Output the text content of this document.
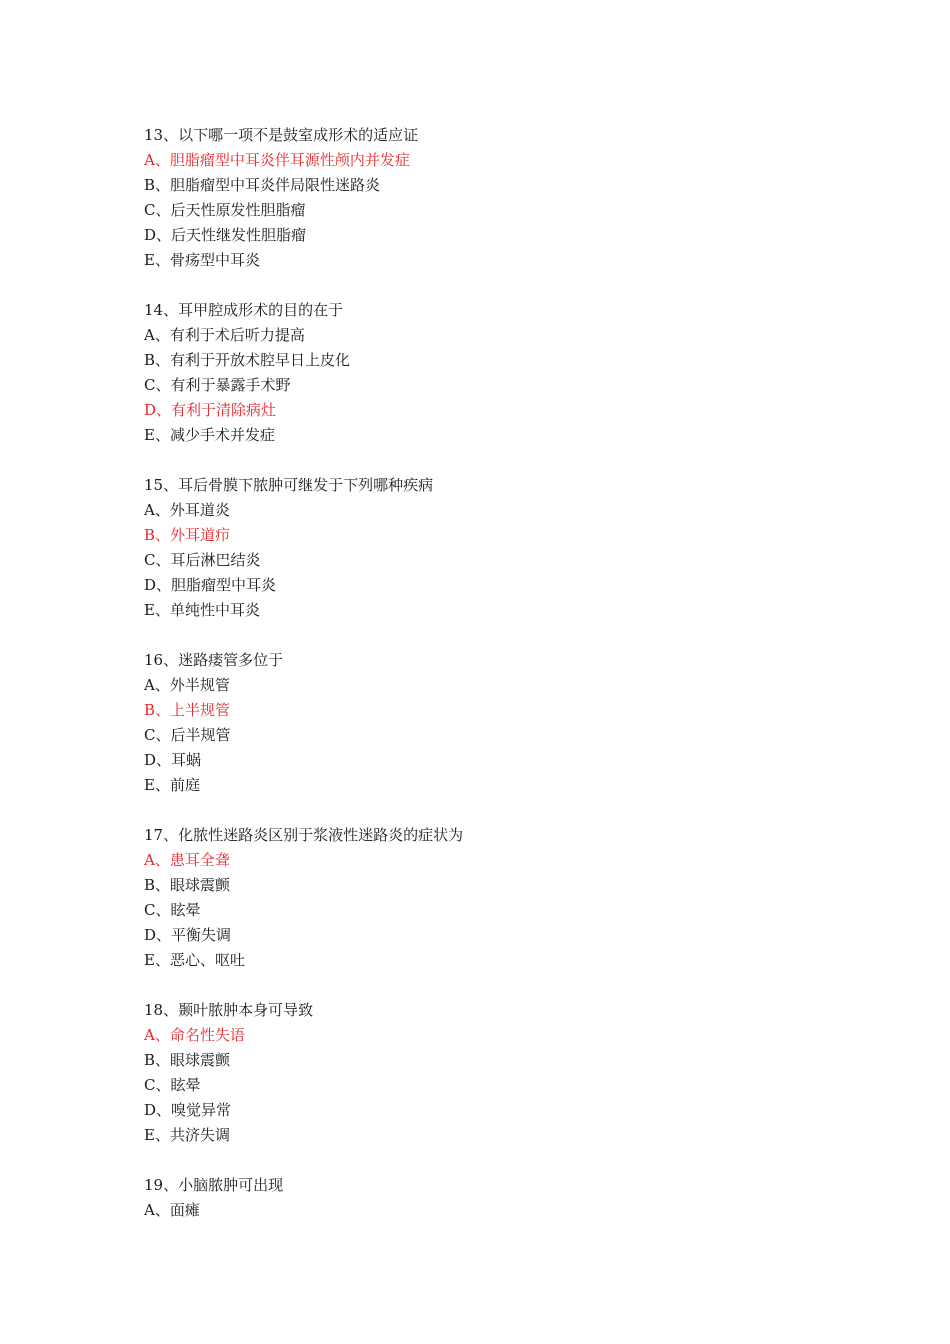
13、以下哪一项不是鼓室成形术的适应证
A、胆脂瘤型中耳炎伴耳源性颅内并发症
B、胆脂瘤型中耳炎伴局限性迷路炎
C、后天性原发性胆脂瘤
D、后天性继发性胆脂瘤
E、骨疡型中耳炎
14、耳甲腔成形术的目的在于
A、有利于术后听力提高
B、有利于开放术腔早日上皮化
C、有利于暴露手术野
D、有利于清除病灶
E、减少手术并发症
15、耳后骨膜下脓肿可继发于下列哪种疾病
A、外耳道炎
B、外耳道疖
C、耳后淋巴结炎
D、胆脂瘤型中耳炎
E、单纯性中耳炎
16、迷路瘘管多位于
A、外半规管
B、上半规管
C、后半规管
D、耳蜗
E、前庭
17、化脓性迷路炎区别于浆液性迷路炎的症状为
A、患耳全聋
B、眼球震颤
C、眩晕
D、平衡失调
E、恶心、呕吐
18、颞叶脓肿本身可导致
A、命名性失语
B、眼球震颤
C、眩晕
D、嗅觉异常
E、共济失调
19、小脑脓肿可出现
A、面瘫
